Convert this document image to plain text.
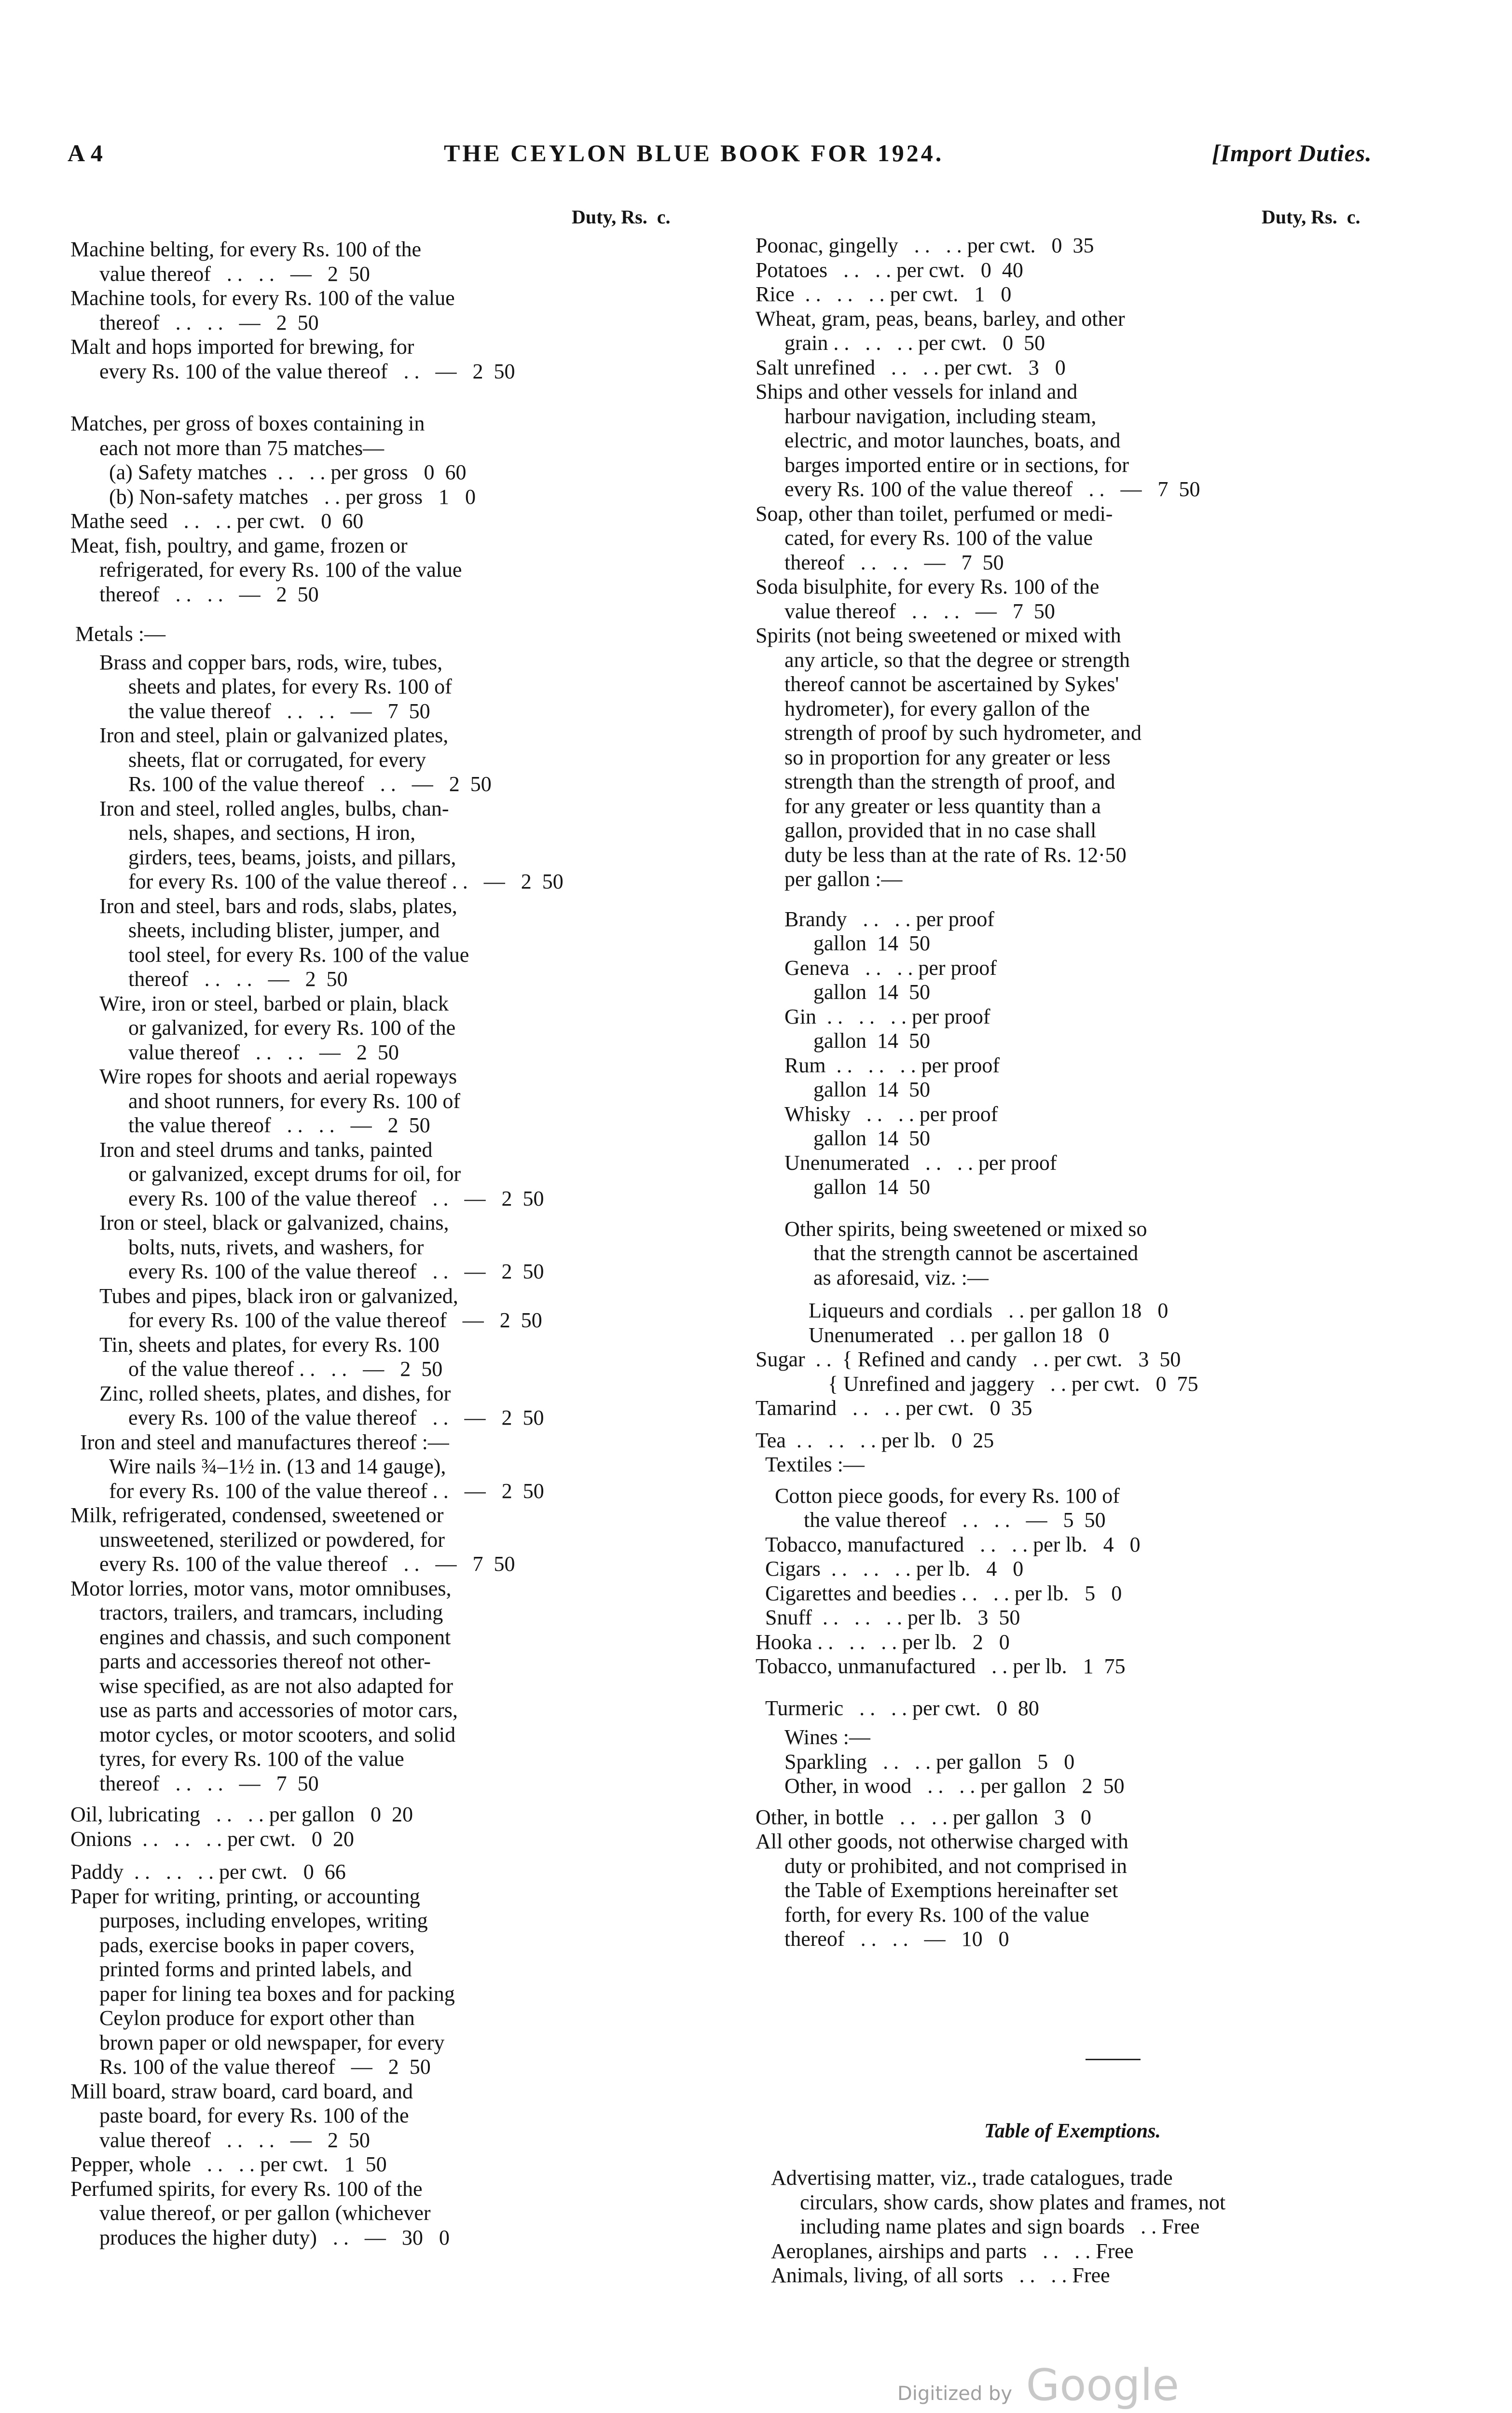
A 4	THE CEYLON BLUE BOOK FOR 1924.	[Import Duties.
Duty, Rs.  c.	Duty, Rs.  c.
Machine belting, for every Rs. 100 of the
value thereof   . .   . .   —   2  50
Machine tools, for every Rs. 100 of the value
thereof   . .   . .   —   2  50
Malt and hops imported for brewing, for
every Rs. 100 of the value thereof   . .   —   2  50
Matches, per gross of boxes containing in
each not more than 75 matches—
(a) Safety matches  . .   . . per gross   0  60
(b) Non-safety matches   . . per gross   1   0
Mathe seed   . .   . . per cwt.   0  60
Meat, fish, poultry, and game, frozen or
refrigerated, for every Rs. 100 of the value
thereof   . .   . .   —   2  50
Metals :—
Brass and copper bars, rods, wire, tubes,
sheets and plates, for every Rs. 100 of
the value thereof   . .   . .   —   7  50
Iron and steel, plain or galvanized plates,
sheets, flat or corrugated, for every
Rs. 100 of the value thereof   . .   —   2  50
Iron and steel, rolled angles, bulbs, chan-
nels, shapes, and sections, H iron,
girders, tees, beams, joists, and pillars,
for every Rs. 100 of the value thereof . .   —   2  50
Iron and steel, bars and rods, slabs, plates,
sheets, including blister, jumper, and
tool steel, for every Rs. 100 of the value
thereof   . .   . .   —   2  50
Wire, iron or steel, barbed or plain, black
or galvanized, for every Rs. 100 of the
value thereof   . .   . .   —   2  50
Wire ropes for shoots and aerial ropeways
and shoot runners, for every Rs. 100 of
the value thereof   . .   . .   —   2  50
Iron and steel drums and tanks, painted
or galvanized, except drums for oil, for
every Rs. 100 of the value thereof   . .   —   2  50
Iron or steel, black or galvanized, chains,
bolts, nuts, rivets, and washers, for
every Rs. 100 of the value thereof   . .   —   2  50
Tubes and pipes, black iron or galvanized,
for every Rs. 100 of the value thereof   —   2  50
Tin, sheets and plates, for every Rs. 100
of the value thereof . .   . .   —   2  50
Zinc, rolled sheets, plates, and dishes, for
every Rs. 100 of the value thereof   . .   —   2  50
Iron and steel and manufactures thereof :—
Wire nails ¾–1½ in. (13 and 14 gauge),
for every Rs. 100 of the value thereof . .   —   2  50
Milk, refrigerated, condensed, sweetened or
unsweetened, sterilized or powdered, for
every Rs. 100 of the value thereof   . .   —   7  50
Motor lorries, motor vans, motor omnibuses,
tractors, trailers, and tramcars, including
engines and chassis, and such component
parts and accessories thereof not other-
wise specified, as are not also adapted for
use as parts and accessories of motor cars,
motor cycles, or motor scooters, and solid
tyres, for every Rs. 100 of the value
thereof   . .   . .   —   7  50
Oil, lubricating   . .   . . per gallon   0  20
Onions  . .   . .   . . per cwt.   0  20
Paddy  . .   . .   . . per cwt.   0  66
Paper for writing, printing, or accounting
purposes, including envelopes, writing
pads, exercise books in paper covers,
printed forms and printed labels, and
paper for lining tea boxes and for packing
Ceylon produce for export other than
brown paper or old newspaper, for every
Rs. 100 of the value thereof   —   2  50
Mill board, straw board, card board, and
paste board, for every Rs. 100 of the
value thereof   . .   . .   —   2  50
Pepper, whole   . .   . . per cwt.   1  50
Perfumed spirits, for every Rs. 100 of the
value thereof, or per gallon (whichever
produces the higher duty)   . .   —   30   0
Poonac, gingelly   . .   . . per cwt.   0  35
Potatoes   . .   . . per cwt.   0  40
Rice  . .   . .   . . per cwt.   1   0
Wheat, gram, peas, beans, barley, and other
grain . .   . .   . . per cwt.   0  50
Salt unrefined   . .   . . per cwt.   3   0
Ships and other vessels for inland and
harbour navigation, including steam,
electric, and motor launches, boats, and
barges imported entire or in sections, for
every Rs. 100 of the value thereof   . .   —   7  50
Soap, other than toilet, perfumed or medi-
cated, for every Rs. 100 of the value
thereof   . .   . .   —   7  50
Soda bisulphite, for every Rs. 100 of the
value thereof   . .   . .   —   7  50
Spirits (not being sweetened or mixed with
any article, so that the degree or strength
thereof cannot be ascertained by Sykes'
hydrometer), for every gallon of the
strength of proof by such hydrometer, and
so in proportion for any greater or less
strength than the strength of proof, and
for any greater or less quantity than a
gallon, provided that in no case shall
duty be less than at the rate of Rs. 12·50
per gallon :—
Brandy   . .   . . per proof
gallon  14  50
Geneva   . .   . . per proof
gallon  14  50
Gin  . .   . .   . . per proof
gallon  14  50
Rum  . .   . .   . . per proof
gallon  14  50
Whisky   . .   . . per proof
gallon  14  50
Unenumerated   . .   . . per proof
gallon  14  50
Other spirits, being sweetened or mixed so
that the strength cannot be ascertained
as aforesaid, viz. :—
Liqueurs and cordials   . . per gallon 18   0
Unenumerated   . . per gallon 18   0
Sugar  . .  { Refined and candy   . . per cwt.   3  50
{ Unrefined and jaggery   . . per cwt.   0  75
Tamarind   . .   . . per cwt.   0  35
Tea  . .   . .   . . per lb.   0  25
Textiles :—
Cotton piece goods, for every Rs. 100 of
the value thereof   . .   . .   —   5  50
Tobacco, manufactured   . .   . . per lb.   4   0
Cigars  . .   . .   . . per lb.   4   0
Cigarettes and beedies . .   . . per lb.   5   0
Snuff  . .   . .   . . per lb.   3  50
Hooka . .   . .   . . per lb.   2   0
Tobacco, unmanufactured   . . per lb.   1  75
Turmeric   . .   . . per cwt.   0  80
Wines :—
Sparkling   . .   . . per gallon   5   0
Other, in wood   . .   . . per gallon   2  50
Other, in bottle   . .   . . per gallon   3   0
All other goods, not otherwise charged with
duty or prohibited, and not comprised in
the Table of Exemptions hereinafter set
forth, for every Rs. 100 of the value
thereof   . .   . .   —   10   0
Table of Exemptions.
Advertising matter, viz., trade catalogues, trade
circulars, show cards, show plates and frames, not
including name plates and sign boards   . . Free
Aeroplanes, airships and parts   . .   . . Free
Animals, living, of all sorts   . .   . . Free
Digitized by Google
